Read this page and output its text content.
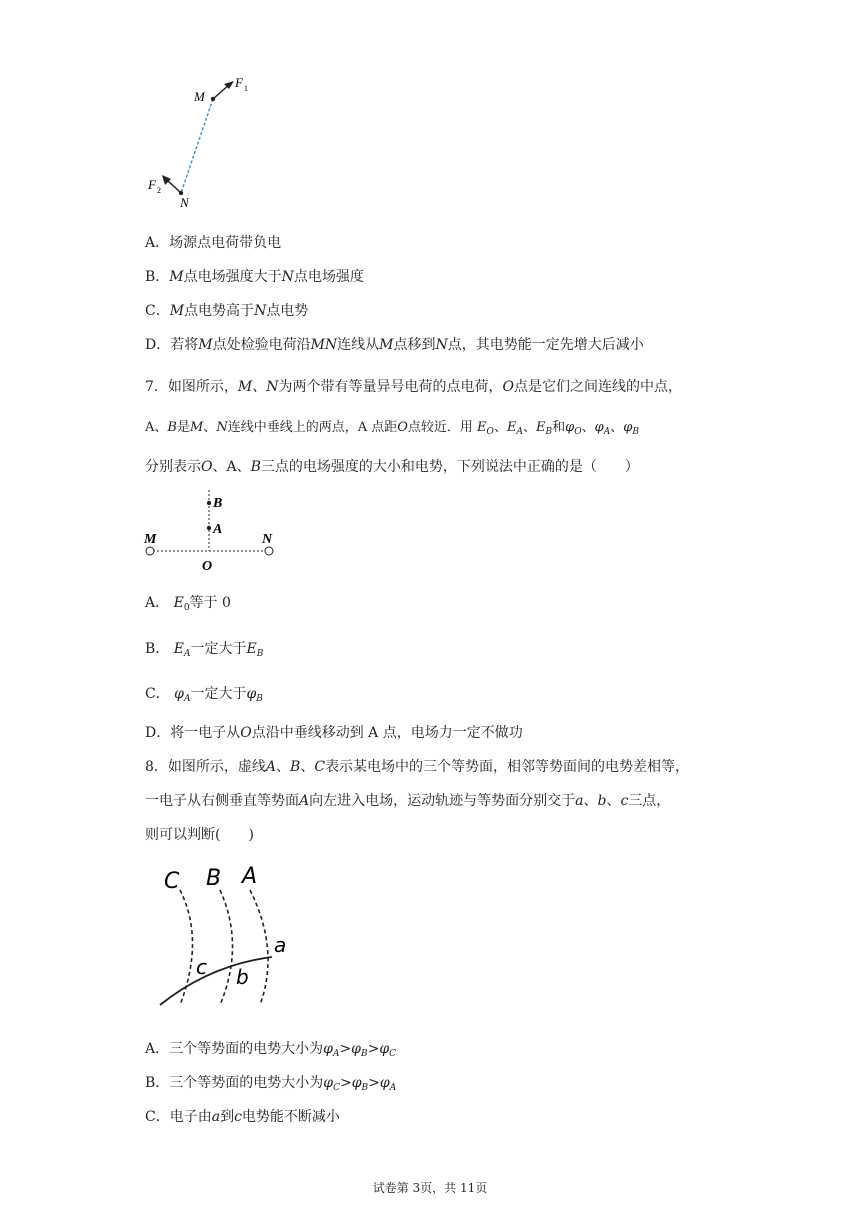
M
N
F 1
F 2
A．场源点电荷带负电
B．M点电场强度大于N点电场强度
C．M点电势高于N点电势
D．若将M点处检验电荷沿MN连线从M点移到N点，其电势能一定先增大后减小
7．如图所示，M、N为两个带有等量异号电荷的点电荷，O点是它们之间连线的中点，
A、B是M、N连线中垂线上的两点，A 点距O点较近．用 $E_O$、$E_A$、$E_B$和$\varphi_O$、$\varphi_A$、$\varphi_B$
分别表示O、A、B三点的电场强度的大小和电势，下列说法中正确的是（　　）
B
A
M	N
O
A． $E_0$等于 0
B． $E_A$一定大于$E_B$
C． $\varphi_A$一定大于$\varphi_B$
D．将一电子从O点沿中垂线移动到 A 点，电场力一定不做功
8．如图所示，虚线A、B、C表示某电场中的三个等势面，相邻等势面间的电势差相等，
一电子从右侧垂直等势面A向左进入电场，运动轨迹与等势面分别交于a、b、c三点，
则可以判断(　　)
C B A
a
b
c
A．三个等势面的电势大小为$\varphi_A>\varphi_B>\varphi_C$
B．三个等势面的电势大小为$\varphi_C>\varphi_B>\varphi_A$
C．电子由a到c电势能不断减小
试卷第 3页，共 11页
